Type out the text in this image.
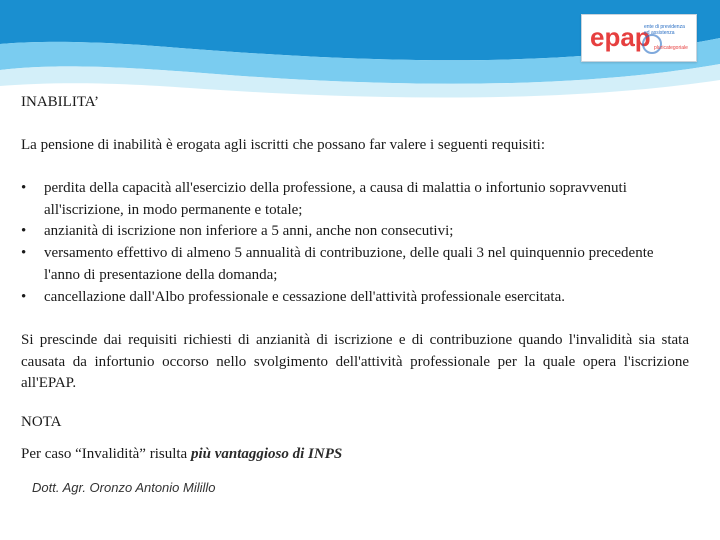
epap
ente di previdenza
ed assistenza
pluricategoriale

INABILITA’

La pensione di inabilità è erogata agli iscritti che possano far valere i seguenti requisiti:

• perdita della capacità all'esercizio della professione, a causa di malattia o infortunio sopravvenuti all'iscrizione, in modo permanente e totale;
• anzianità di iscrizione non inferiore a 5 anni, anche non consecutivi;
• versamento effettivo di almeno 5 annualità di contribuzione, delle quali 3 nel quinquennio precedente l'anno di presentazione della domanda;
• cancellazione dall'Albo professionale e cessazione dell'attività professionale esercitata.

Si prescinde dai requisiti richiesti di anzianità di iscrizione e di contribuzione quando l'invalidità sia stata causata da infortunio occorso nello svolgimento dell'attività professionale per la quale opera l'iscrizione all'EPAP.

NOTA

Per caso “Invalidità” risulta più vantaggioso di INPS

Dott. Agr. Oronzo Antonio Milillo
